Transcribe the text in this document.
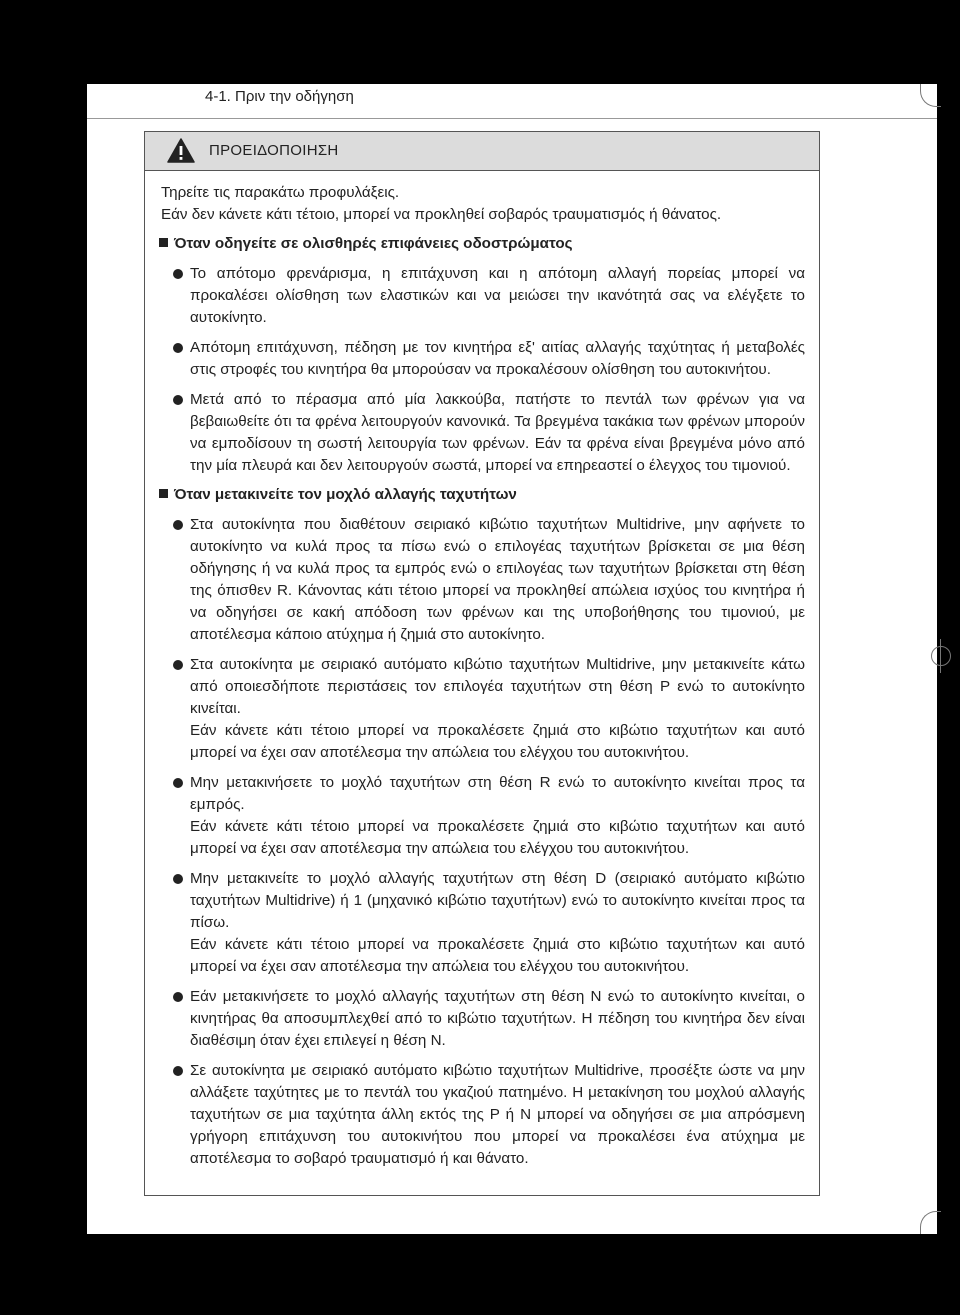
4-1. Πριν την οδήγηση
ΠΡΟΕΙΔΟΠΟΙΗΣΗ
Τηρείτε τις παρακάτω προφυλάξεις.
Εάν δεν κάνετε κάτι τέτοιο, μπορεί να προκληθεί σοβαρός τραυματισμός ή θάνατος.
Όταν οδηγείτε σε ολισθηρές επιφάνειες οδοστρώματος
Το απότομο φρενάρισμα, η επιτάχυνση και η απότομη αλλαγή πορείας μπορεί να προκαλέσει ολίσθηση των ελαστικών και να μειώσει την ικανότητά σας να ελέγξετε το αυτοκίνητο.
Απότομη επιτάχυνση, πέδηση με τον κινητήρα εξ' αιτίας αλλαγής ταχύτητας ή μεταβολές στις στροφές του κινητήρα θα μπορούσαν να προκαλέσουν ολίσθηση του αυτοκινήτου.
Μετά από το πέρασμα από μία λακκούβα, πατήστε το πεντάλ των φρένων για να βεβαιωθείτε ότι τα φρένα λειτουργούν κανονικά. Τα βρεγμένα τακάκια των φρένων μπορούν να εμποδίσουν τη σωστή λειτουργία των φρένων. Εάν τα φρένα είναι βρεγμένα μόνο από την μία πλευρά και δεν λειτουργούν σωστά, μπορεί να επηρεαστεί ο έλεγχος του τιμονιού.
Όταν μετακινείτε τον μοχλό αλλαγής ταχυτήτων
Στα αυτοκίνητα που διαθέτουν σειριακό κιβώτιο ταχυτήτων Multidrive, μην αφήνετε το αυτοκίνητο να κυλά προς τα πίσω ενώ ο επιλογέας ταχυτήτων βρίσκεται σε μια θέση οδήγησης ή να κυλά προς τα εμπρός ενώ ο επιλογέας των ταχυτήτων βρίσκεται στη θέση της όπισθεν R. Κάνοντας κάτι τέτοιο μπορεί να προκληθεί απώλεια ισχύος του κινητήρα ή να οδηγήσει σε κακή απόδοση των φρένων και της υποβοήθησης του τιμονιού, με αποτέλεσμα κάποιο ατύχημα ή ζημιά στο αυτοκίνητο.
Στα αυτοκίνητα με σειριακό αυτόματο κιβώτιο ταχυτήτων Multidrive, μην μετακινείτε κάτω από οποιεσδήποτε περιστάσεις τον επιλογέα ταχυτήτων στη θέση P ενώ το αυτοκίνητο κινείται.
Εάν κάνετε κάτι τέτοιο μπορεί να προκαλέσετε ζημιά στο κιβώτιο ταχυτήτων και αυτό μπορεί να έχει σαν αποτέλεσμα την απώλεια του ελέγχου του αυτοκινήτου.
Μην μετακινήσετε το μοχλό ταχυτήτων στη θέση R ενώ το αυτοκίνητο κινείται προς τα εμπρός.
Εάν κάνετε κάτι τέτοιο μπορεί να προκαλέσετε ζημιά στο κιβώτιο ταχυτήτων και αυτό μπορεί να έχει σαν αποτέλεσμα την απώλεια του ελέγχου του αυτοκινήτου.
Μην μετακινείτε το μοχλό αλλαγής ταχυτήτων στη θέση D (σειριακό αυτόματο κιβώτιο ταχυτήτων Multidrive) ή 1 (μηχανικό κιβώτιο ταχυτήτων) ενώ το αυτοκίνητο κινείται προς τα πίσω.
Εάν κάνετε κάτι τέτοιο μπορεί να προκαλέσετε ζημιά στο κιβώτιο ταχυτήτων και αυτό μπορεί να έχει σαν αποτέλεσμα την απώλεια του ελέγχου του αυτοκινήτου.
Εάν μετακινήσετε το μοχλό αλλαγής ταχυτήτων στη θέση N ενώ το αυτοκίνητο κινείται, ο κινητήρας θα αποσυμπλεχθεί από το κιβώτιο ταχυτήτων. Η πέδηση του κινητήρα δεν είναι διαθέσιμη όταν έχει επιλεγεί η θέση N.
Σε αυτοκίνητα με σειριακό αυτόματο κιβώτιο ταχυτήτων Multidrive, προσέξτε ώστε να μην αλλάξετε ταχύτητες με το πεντάλ του γκαζιού πατημένο. Η μετακίνηση του μοχλού αλλαγής ταχυτήτων σε μια ταχύτητα άλλη εκτός της P ή N μπορεί να οδηγήσει σε μια απρόσμενη γρήγορη επιτάχυνση του αυτοκινήτου που μπορεί να προκαλέσει ένα ατύχημα με αποτέλεσμα το σοβαρό τραυματισμό ή και θάνατο.
